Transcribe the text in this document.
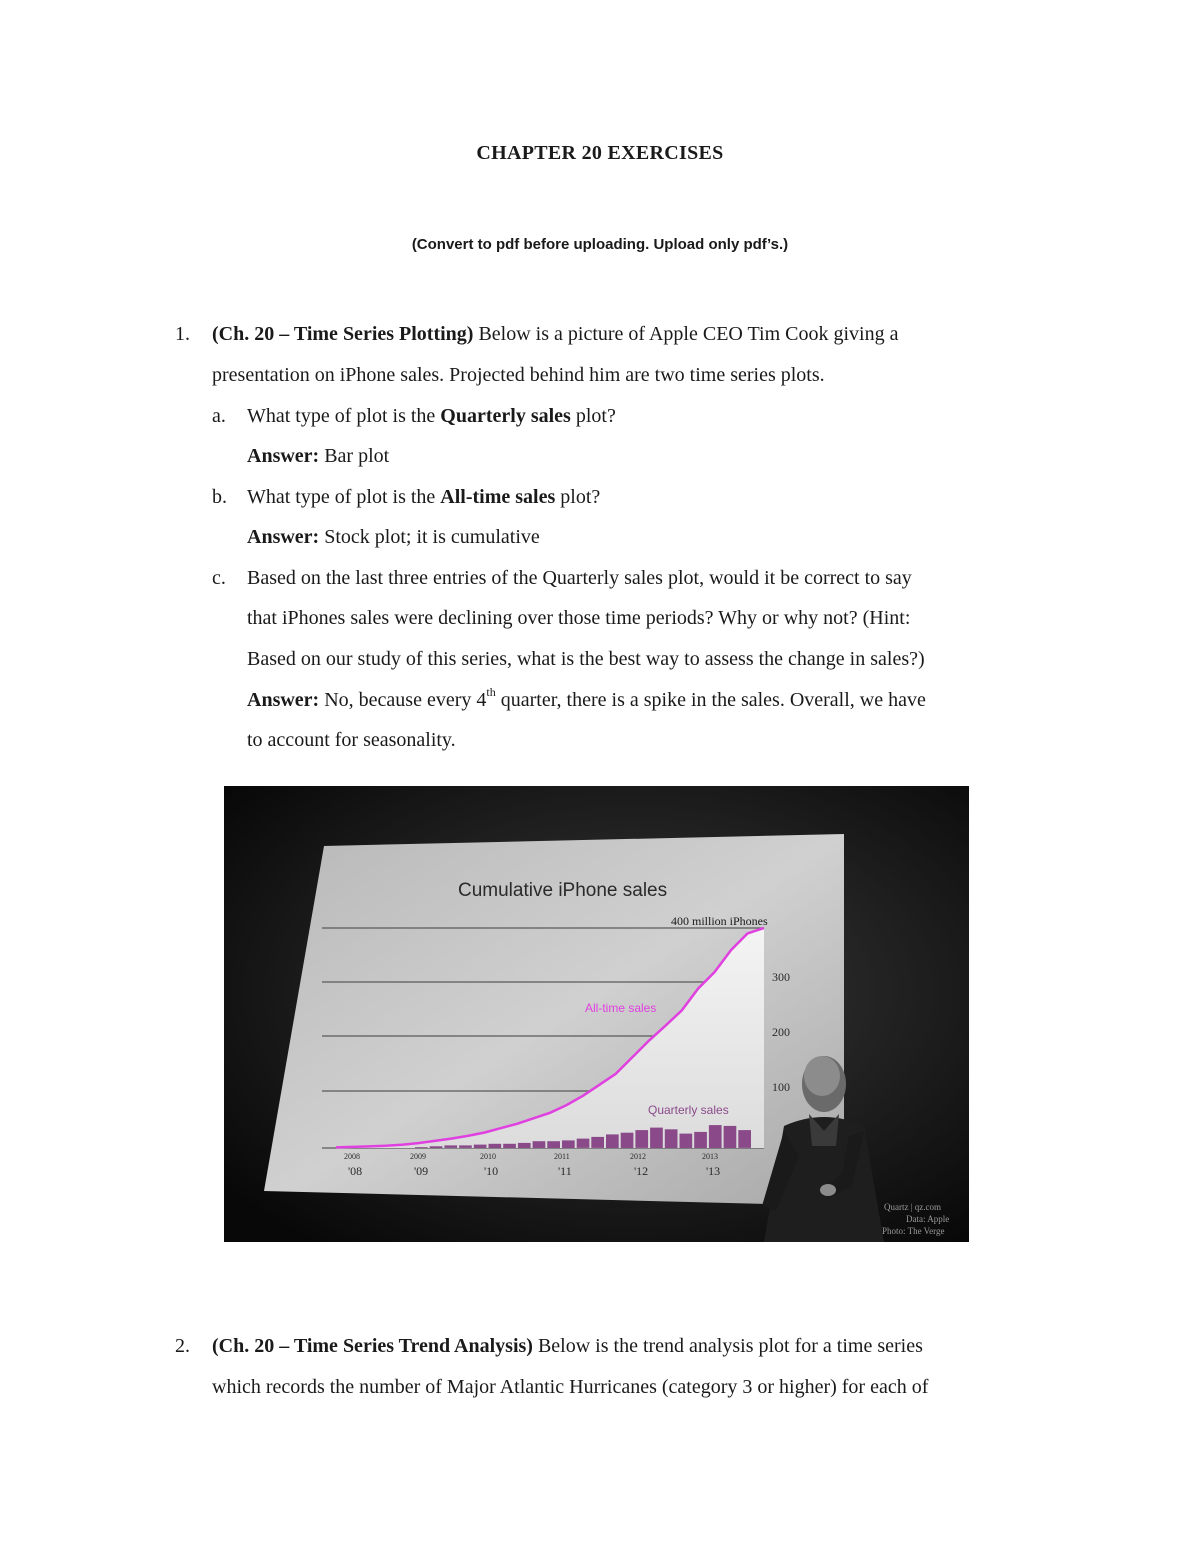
CHAPTER 20 EXERCISES
(Convert to pdf before uploading. Upload only pdf’s.)
1. (Ch. 20 – Time Series Plotting) Below is a picture of Apple CEO Tim Cook giving a
presentation on iPhone sales. Projected behind him are two time series plots.
a. What type of plot is the Quarterly sales plot?
Answer: Bar plot
b. What type of plot is the All-time sales plot?
Answer: Stock plot; it is cumulative
c. Based on the last three entries of the Quarterly sales plot, would it be correct to say
that iPhones sales were declining over those time periods? Why or why not? (Hint:
Based on our study of this series, what is the best way to assess the change in sales?)
Answer: No, because every 4th quarter, there is a spike in the sales. Overall, we have
to account for seasonality.
Cumulative iPhone sales
400 million iPhones
All-time sales
Quarterly sales
300
200
100
2008
'08
2009
'09
2010
'10
2011
'11
2012
'12
2013
'13
Quartz | qz.com
Data: Apple
Photo: The Verge
2. (Ch. 20 – Time Series Trend Analysis) Below is the trend analysis plot for a time series
which records the number of Major Atlantic Hurricanes (category 3 or higher) for each of
